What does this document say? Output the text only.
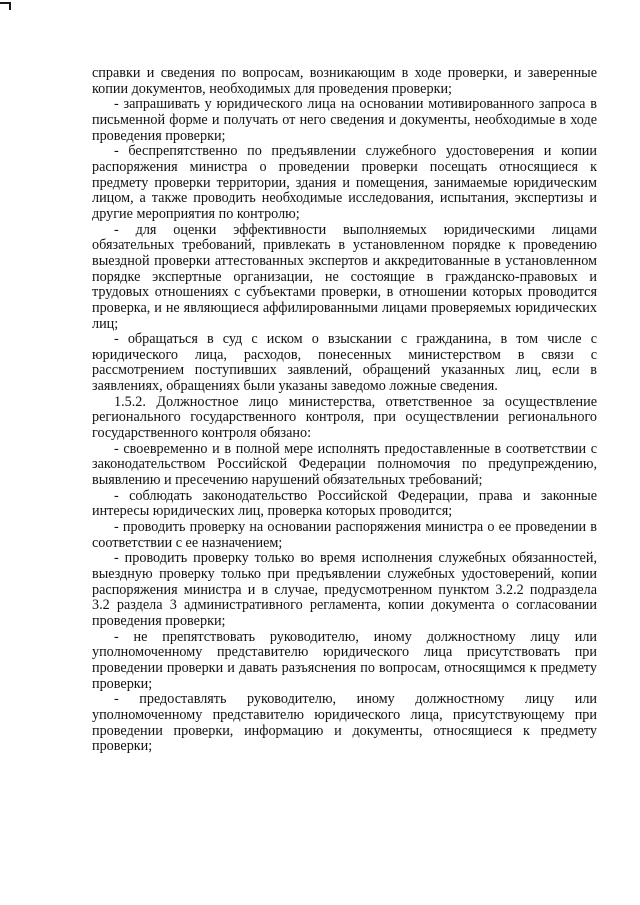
справки и сведения по вопросам, возникающим в ходе проверки, и заверенные копии документов, необходимых для проведения проверки;

- запрашивать у юридического лица на основании мотивированного запроса в письменной форме и получать от него сведения и документы, необходимые в ходе проведения проверки;

- беспрепятственно по предъявлении служебного удостоверения и копии распоряжения министра о проведении проверки посещать относящиеся к предмету проверки территории, здания и помещения, занимаемые юридическим лицом, а также проводить необходимые исследования, испытания, экспертизы и другие мероприятия по контролю;

- для оценки эффективности выполняемых юридическими лицами обязательных требований, привлекать в установленном порядке к проведению выездной проверки аттестованных экспертов и аккредитованные в установленном порядке экспертные организации, не состоящие в гражданско-правовых и трудовых отношениях с субъектами проверки, в отношении которых проводится проверка, и не являющиеся аффилированными лицами проверяемых юридических лиц;

- обращаться в суд с иском о взыскании с гражданина, в том числе с юридического лица, расходов, понесенных министерством в связи с рассмотрением поступивших заявлений, обращений указанных лиц, если в заявлениях, обращениях были указаны заведомо ложные сведения.

1.5.2. Должностное лицо министерства, ответственное за осуществление регионального государственного контроля, при осуществлении регионального государственного контроля обязано:

- своевременно и в полной мере исполнять предоставленные в соответствии с законодательством Российской Федерации полномочия по предупреждению, выявлению и пресечению нарушений обязательных требований;

- соблюдать законодательство Российской Федерации, права и законные интересы юридических лиц, проверка которых проводится;

- проводить проверку на основании распоряжения министра о ее проведении в соответствии с ее назначением;

- проводить проверку только во время исполнения служебных обязанностей, выездную проверку только при предъявлении служебных удостоверений, копии распоряжения министра и в случае, предусмотренном пунктом 3.2.2 подраздела 3.2 раздела 3 административного регламента, копии документа о согласовании проведения проверки;

- не препятствовать руководителю, иному должностному лицу или уполномоченному представителю юридического лица присутствовать при проведении проверки и давать разъяснения по вопросам, относящимся к предмету проверки;

- предоставлять руководителю, иному должностному лицу или уполномоченному представителю юридического лица, присутствующему при проведении проверки, информацию и документы, относящиеся к предмету проверки;
